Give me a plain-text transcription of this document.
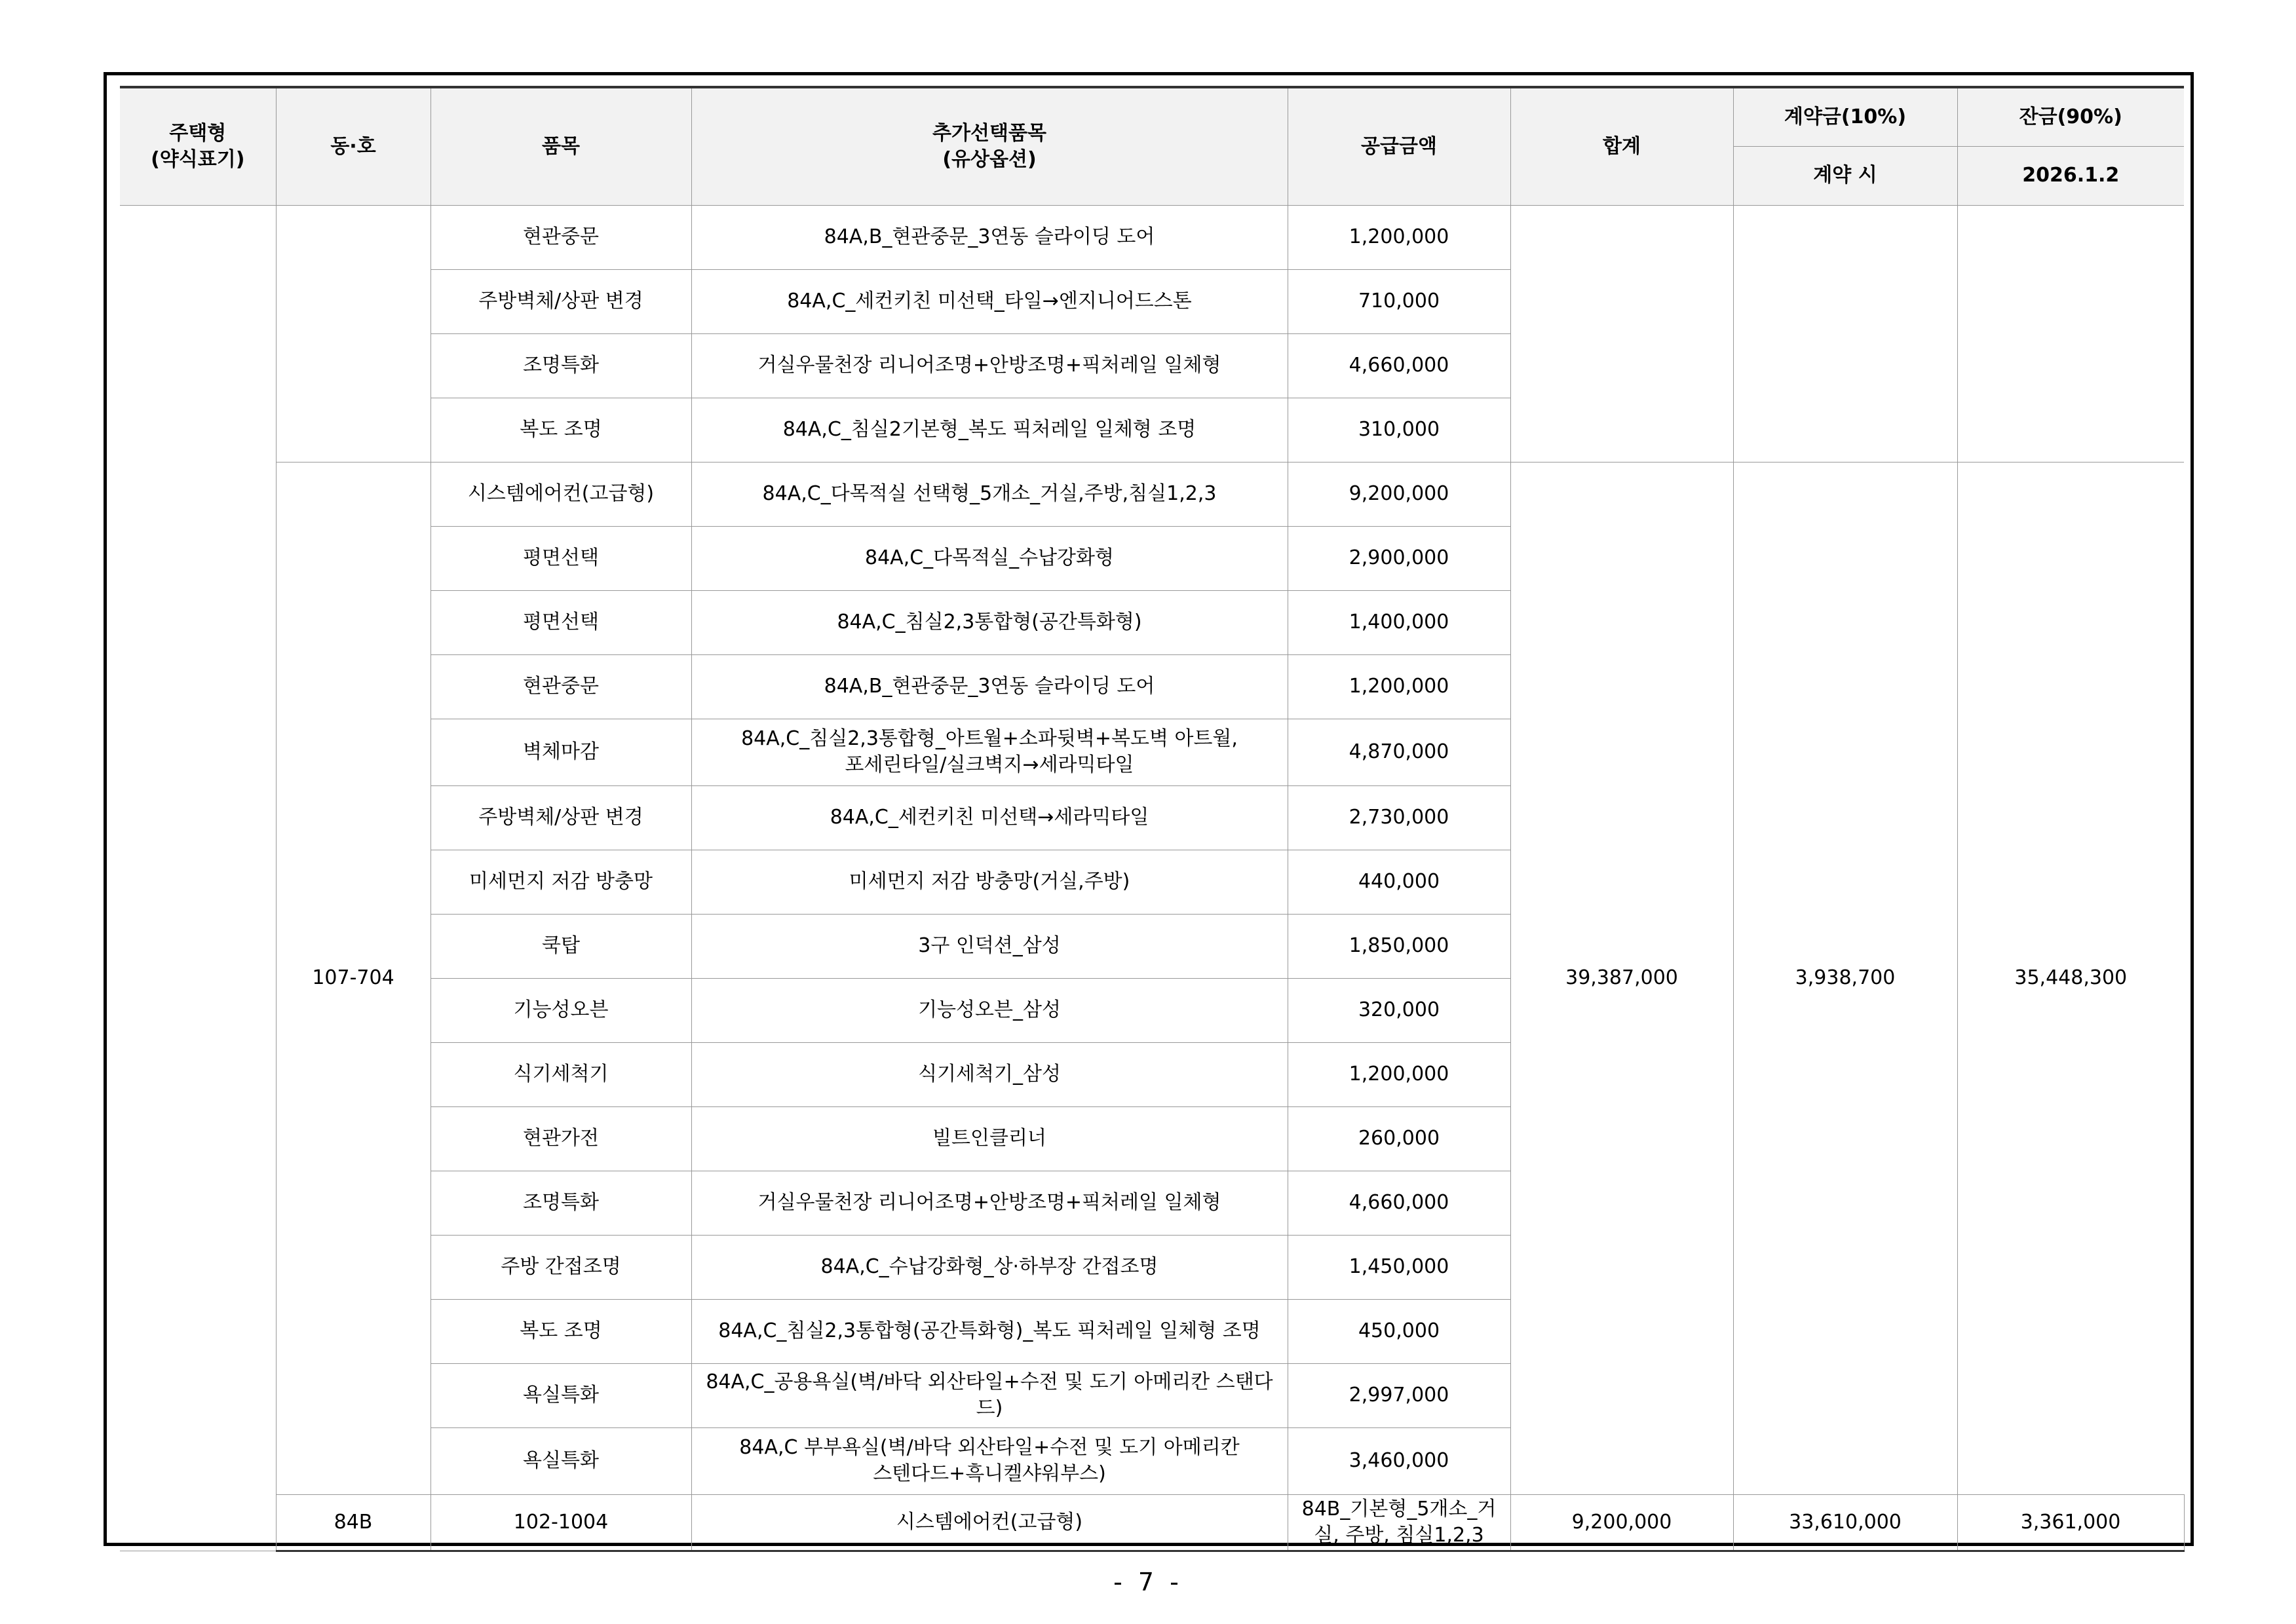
주택형
(약식표기)	동·호	품목	추가선택품목
(유상옵션)	공급금액	합계	계약금(10%)	잔금(90%)	
						계약 시	2026.1.2	
		현관중문	84A,B_현관중문_3연동 슬라이딩 도어	1,200,000				
		주방벽체/상판 변경	84A,C_세컨키친 미선택_타일→엔지니어드스톤	710,000				
		조명특화	거실우물천장 리니어조명+안방조명+픽처레일 일체형	4,660,000				
		복도 조명	84A,C_침실2기본형_복도 픽처레일 일체형 조명	310,000				
	107-704	시스템에어컨(고급형)	84A,C_다목적실 선택형_5개소_거실,주방,침실1,2,3	9,200,000	39,387,000	3,938,700	35,448,300	
		평면선택	84A,C_다목적실_수납강화형	2,900,000				
		평면선택	84A,C_침실2,3통합형(공간특화형)	1,400,000				
		현관중문	84A,B_현관중문_3연동 슬라이딩 도어	1,200,000				
		벽체마감	84A,C_침실2,3통합형_아트월+소파뒷벽+복도벽 아트월,
포세린타일/실크벽지→세라믹타일	4,870,000				
		주방벽체/상판 변경	84A,C_세컨키친 미선택→세라믹타일	2,730,000				
		미세먼지 저감 방충망	미세먼지 저감 방충망(거실,주방)	440,000				
		쿡탑	3구 인덕션_삼성	1,850,000				
		기능성오븐	기능성오븐_삼성	320,000				
		식기세척기	식기세척기_삼성	1,200,000				
		현관가전	빌트인클리너	260,000				
		조명특화	거실우물천장 리니어조명+안방조명+픽처레일 일체형	4,660,000				
		주방 간접조명	84A,C_수납강화형_상·하부장 간접조명	1,450,000				
		복도 조명	84A,C_침실2,3통합형(공간특화형)_복도 픽처레일 일체형 조명	450,000				
		욕실특화	84A,C_공용욕실(벽/바닥 외산타일+수전 및 도기 아메리칸 스탠다드)	2,997,000				
		욕실특화	84A,C 부부욕실(벽/바닥 외산타일+수전 및 도기 아메리칸
스텐다드+흑니켈샤워부스)	3,460,000				
	84B	102-1004	시스템에어컨(고급형)	84B_기본형_5개소_거실, 주방, 침실1,2,3	9,200,000	33,610,000	3,361,000	
- 7 -
